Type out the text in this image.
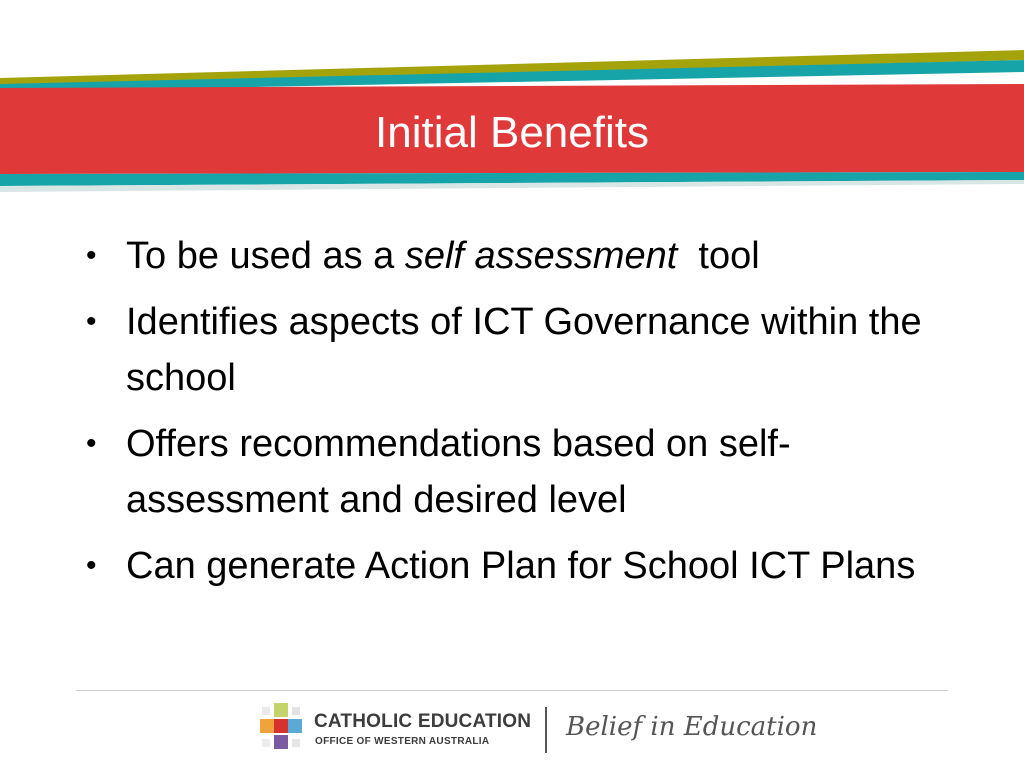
Initial Benefits
• To be used as a self assessment  tool
• Identifies aspects of ICT Governance within the school
• Offers recommendations based on self-assessment and desired level
• Can generate Action Plan for School ICT Plans
CATHOLIC EDUCATION
OFFICE OF WESTERN AUSTRALIA	Belief in Education
